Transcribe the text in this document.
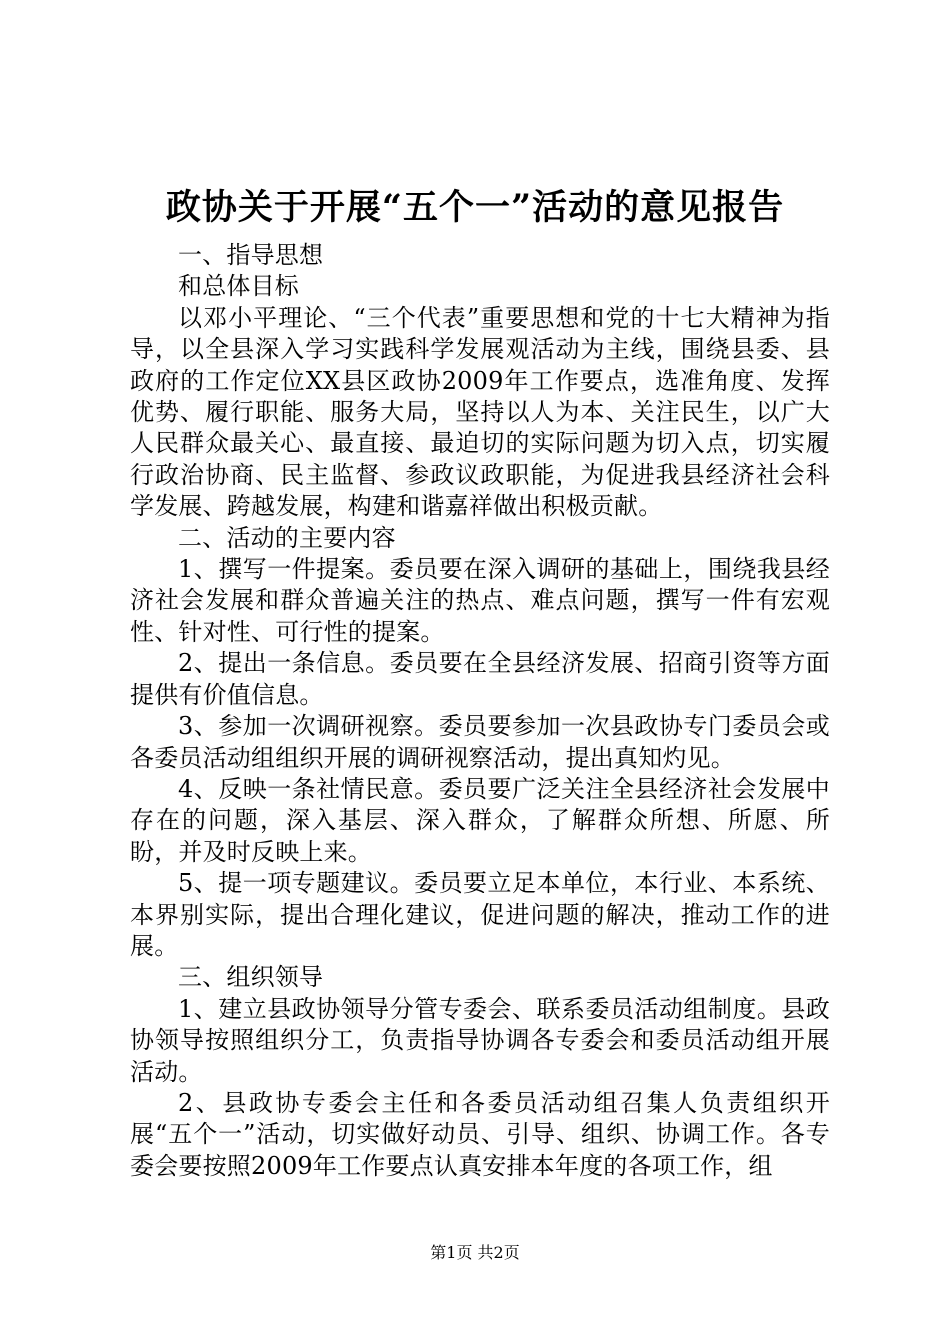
政协关于开展“五个一”活动的意见报告

一、指导思想

和总体目标

以邓小平理论、“三个代表”重要思想和党的十七大精神为指导，以全县深入学习实践科学发展观活动为主线，围绕县委、县政府的工作定位XX县区政协2009年工作要点，选准角度、发挥优势、履行职能、服务大局，坚持以人为本、关注民生，以广大人民群众最关心、最直接、最迫切的实际问题为切入点，切实履行政治协商、民主监督、参政议政职能，为促进我县经济社会科学发展、跨越发展，构建和谐嘉祥做出积极贡献。

二、活动的主要内容

1、撰写一件提案。委员要在深入调研的基础上，围绕我县经济社会发展和群众普遍关注的热点、难点问题，撰写一件有宏观性、针对性、可行性的提案。

2、提出一条信息。委员要在全县经济发展、招商引资等方面提供有价值信息。

3、参加一次调研视察。委员要参加一次县政协专门委员会或各委员活动组组织开展的调研视察活动，提出真知灼见。

4、反映一条社情民意。委员要广泛关注全县经济社会发展中存在的问题，深入基层、深入群众，了解群众所想、所愿、所盼，并及时反映上来。

5、提一项专题建议。委员要立足本单位，本行业、本系统、本界别实际，提出合理化建议，促进问题的解决，推动工作的进展。

三、组织领导

1、建立县政协领导分管专委会、联系委员活动组制度。县政协领导按照组织分工，负责指导协调各专委会和委员活动组开展活动。

2、县政协专委会主任和各委员活动组召集人负责组织开展“五个一”活动，切实做好动员、引导、组织、协调工作。各专委会要按照2009年工作要点认真安排本年度的各项工作，组

第1页 共2页
